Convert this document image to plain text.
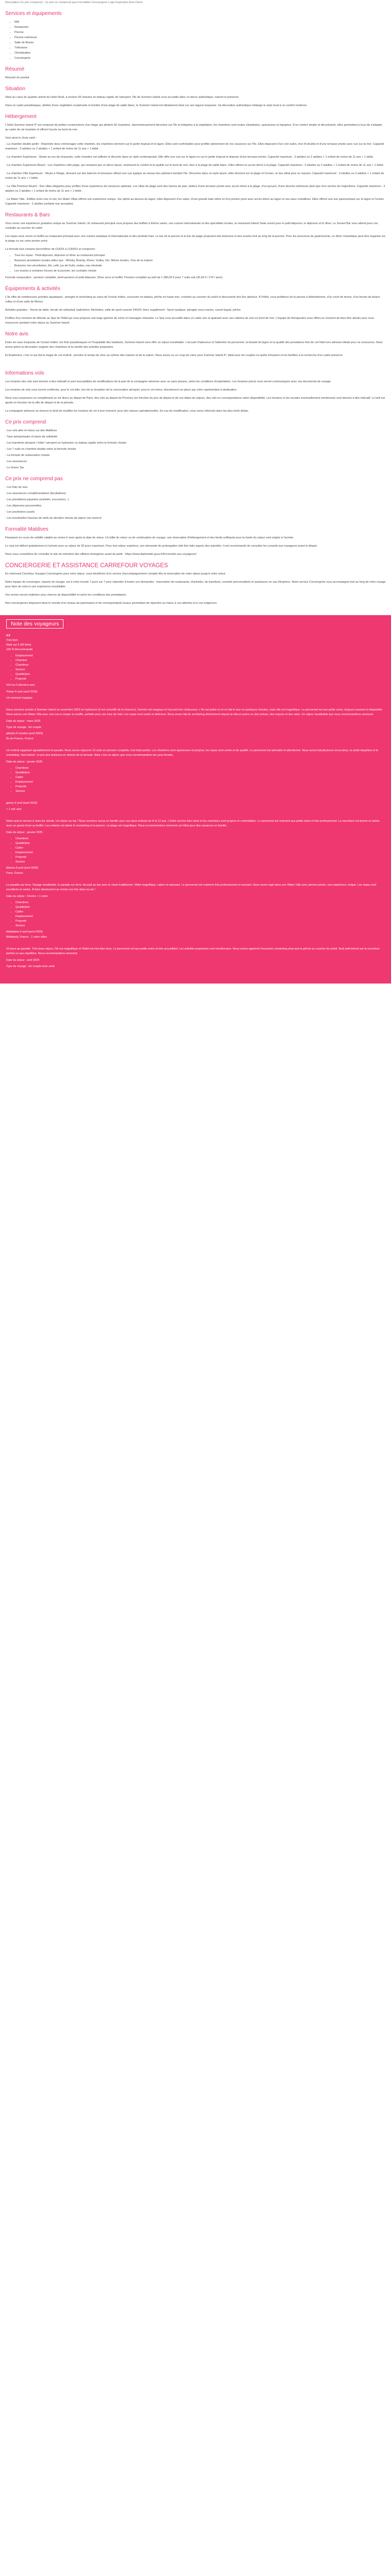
Description Ce prix comprend : Ce prix ne comprend pas Formalités Conciergerie Loge Inspiration Avis Client

Services et équipements
• Wifi
• Restaurant
• Piscine
• Piscine extérieure
• Salle de fitness
• Télévision
• Climatisation
• Conciergerie
Résumé

Résumé du produit

Situation

Situé au cœur du quartier animé de Hotel Nord, à environ 45 minutes en bateau rapide de l'aéroport, l'île de Summer Island vous accueille dans un décor authentique, naturel et préservé.

Dans un cadre paradisiaque, abritée d'une végétation exubérante et bordée d'une plage de sable blanc, le Summer Island est idéalement situé sur une lagune turquoise. Sa décoration authentique mélange le style local à un confort moderne.

Hébergement

L'hôtel Summer Island 4* est composé de petites constructions d'un étage qui abritent 92 chambres. Harmonieusement décorées sur l'île et intégrées à la végétation, les chambres sont toutes climatisées, spacieuses et équipées. D'un confort simple et décontracté, elles permettent à tous de s'adapter au cadre de vie insulaire et offrent l'accès au bord de mer.

Voici ainsi le choix varié :

- La chambre double jardin : Rejoindre deux emmenager cette chambre, les chambres donnent sur le jardin tropical et le lagon. Elles sont confortables pour profiter pleinement de vos vacances sur l'île. Elles disposent d'un coin salon, d'un lit double et d'une terrasse privée avec vue sur la mer. Capacité maximum : 3 adultes ou 2 adultes + 1 enfant de moins de 11 ans + 1 bébé.

- La chambre Supérieure : Située au rez-de-chaussée, cette chambre est raffinée et décorée dans un style contemporain. Elle offre une vue sur le lagon ou sur le jardin tropical et dispose d'une terrasse privée. Capacité maximum : 3 adultes ou 2 adultes + 1 enfant de moins de 11 ans + 1 bébé.

- La chambre Supérieure Beach : Les chambres côté plage, qui ravissent par un décor épuré, réunissent le confort et la qualité sur le bord de mer, face à la plage de sable blanc. Elles offrent un accès direct à la plage. Capacité maximum : 3 adultes ou 2 adultes + 1 enfant de moins de 11 ans + 1 bébé.

- La chambre Villa Supérieure : Situés à l'étage, donnent sur des balcons et terrasses offrant une vue typique au niveau des palmiers bordant l'île. Décorées dans un style épuré, elles donnent sur la plage et l'océan, un lieu idéal pour se reposer. Capacité maximum : 3 adultes ou 2 adultes + 1 enfant de moins de 11 ans + 1 bébé.

- La Villa Premium Beach : Des villas élégantes pour profiter d'une expérience de vacances optimale. Les villas de plage sont des havres de paix, dotées d'une terrasse privée avec accès direct à la plage, d'un jacuzzi, d'une douche extérieure ainsi que d'un service de majordome. Capacité maximum : 3 adultes ou 2 adultes + 1 enfant de moins de 11 ans + 1 bébé.

- La Water Villa : Édifiée entre mer et ciel, les Water Villas offrent une expérience unique. Sur pilotis au-dessus du lagon, elles disposent d'un salon, d'une grande baie vitrée et d'un ponton privé avec accès direct au lagon et ses eaux cristallines. Elles offrent une vue panoramique sur le lagon et l'océan. Capacité maximum : 2 adultes (enfants non acceptés).

Restaurants & Bars

Vous vivrez une expérience gustative unique au Summer Island. Un restaurant principal vous propose des buffets à thème variés, une cuisine internationale et des spécialités locales, le restaurant Island Taste ouvert pour le petit-déjeuner, le déjeuner et le dîner. Le Sunset Bar vous attend pour vos cocktails au coucher du soleil.

Les repas sous servis en buffet au restaurant principal avec une cuisine asiatique et internationale et des produits frais. Le bar de la piscine et le bar de plage proposent des boissons et des snacks tout au long de la journée. Pour les amoureux de gastronomie, un dîner romantique peut être organisé sur la plage ou sur votre ponton privé.

La formule tout compris (lunch/dîner de CHOIX à CONSO et comprend :

• Tous les repas - Petit-déjeuner, déjeuner et dîner au restaurant principal
• Boissons alcoolisées locales telles que : Whisky, Brandy, Rhum, Vodka, Gin, Bières locales, Vins de la maison
• Boissons non alcoolisées, thé, café, jus de fruits, sodas, eau minérale
• Les snacks à certaines heures de la journée, les cocktails choisis

Formule restauration : pension complète, demi-pension et petit-déjeuner. Dîner servi en buffet. Pension complète au tarif de 1 280,00 € pour 7 nuits soit (26,50 € / 27€ / pers)

Équipements & activités

L'île offre de nombreuses activités aquatiques : plongée et snorkeling au cœur de l'océan Indien, excursion en bateau, pêche en haute mer, croisière au coucher du soleil et découverte des îles alentour. À l'hôtel, vous profiterez de la piscine à débordement, d'un court de tennis, d'un terrain de beach-volley et d'une salle de fitness.

Activités gratuites : Tennis de table, terrain de volleyball, badminton, fléchettes, salle de sport ouverte 24h/24. Avec supplément : Sport nautique, plongée sous-marine, canoë-kayak, pêche.

Profitez d'un moment de détente au Spa de l'hôtel qui vous propose une large gamme de soins et massages relaxants. Le Spa vous accueille dans un cadre zen et apaisant avec ses cabines de soin en bord de mer. L'équipe de thérapeutes vous offrira un moment de bien-être absolu pour vous ressourcer pendant votre séjour au Summer Island.

Notre avis

Entre les eaux turquoise de l'océan Indien, les îlots paradisiaques et l'hospitalité des habitants, Summer Island vous offre un séjour inoubliable. L'accueil chaleureux et l'attention du personnel, la beauté du lagon et la qualité des prestations font de cet hôtel une adresse idéale pour se ressourcer. Nous avons adoré la décoration soignée des chambres et la variété des activités proposées.

Et finalement, c'est ce qui fait la magie de cet endroit : prendre le temps de vivre au rythme des marées et de la nature. Nous avons eu un coup de cœur pour Summer Island 4*, idéal pour les couples en quête d'évasion et les familles à la recherche d'un cadre préservé.

Informations vols

Les horaires des vols sont donnés à titre indicatif et sont susceptibles de modifications de la part de la compagnie aérienne avec ou sans préavis, selon les conditions d'exploitation. Les horaires précis vous seront communiqués avec vos documents de voyage.

Les horaires de vols vous seront confirmés, pour le vol aller, lors de la réception de la convocation aéroport, pour le vol retour, directement sur place par votre représentant à destination.

Nous vous proposons en complément un vol direct au départ de Paris, des vols au départ de Province (en fonction du jour de départ et de vos dates de séjour), des vols en correspondance selon disponibilité. Les horaires et les escales éventuellement mentionnés sont donnés à titre indicatif. Le tarif est ajusté en fonction de la ville de départ et de la période.

La compagnie aérienne se réserve le droit de modifier les horaires de vol à tout moment, pour des raisons opérationnelles. En cas de modification, vous serez informés dans les plus brefs délais.

Ce prix comprend

- Les vols aller et retour sur des Maldives

- Taxe aéroportuaire et taxes de solidarité

- Les transferts aéroport / hôtel / aéroport en hydravion ou bateau rapide selon la formule choisie

- Les 7 nuits en chambre double selon la formule choisie

- La formule de restauration choisie

- Les assurances

- Le Green Tax

Ce prix ne comprend pas

- Les frais de visa

- Les assurances complémentaires (facultatives)

- Les prestations payantes (activités, excursions...)

- Les dépenses personnelles

- Les pourboires usuels

- Les éventuelles hausses de tarifs de dernière minute de séjour non réservé

Formalité Maldives

Passeport en cours de validité valable au moins 6 mois après la date de retour. Un billet de retour ou de continuation de voyage, une réservation d'hébergement et des fonds suffisants pour la durée du séjour sont exigés à l'arrivée.

Le visa est délivré gratuitement à l'arrivée pour un séjour de 30 jours maximum. Pour tout séjour supérieur, une demande de prolongation doit être faite auprès des autorités. Il est recommandé de consulter les conseils aux voyageurs avant le départ.

Nous vous conseillons de consulter le site du ministère des affaires étrangères avant de partir : https://www.diplomatie.gouv.fr/fr/conseils-aux-voyageurs/

CONCIERGERIE ET ASSISTANCE CARREFOUR VOYAGES

En réservant Carrefour Voyages Conciergerie pour votre séjour, vous bénéficiez d'un service d'accompagnement complet dès la réservation de votre séjour jusqu'à votre retour.

Notre équipe de concierges, experts du voyage, est à votre écoute 7 jours sur 7 pour répondre à toutes vos demandes : réservation de restaurants, d'activités, de transferts, conseils personnalisés et assistance en cas d'imprévu. Notre service Conciergerie vous accompagne tout au long de votre voyage pour faire de celui-ci une expérience inoubliable.

Vos envies seront réalisées sous réserve de disponibilité et selon les conditions des prestataires.

Nos conciergeries disposent dans le monde d'un réseau de partenaires et de correspondants locaux permettant de répondre au mieux à vos attentes et à vos exigences.

Note des voyageurs

4.6

Très bien

Noté sur 5 (56 Avis)

100 % Recommandé

• Emplacement
• Chambre
• Chambres
• Service
• Qualité/prix
• Propreté

Voir les 5 derniers avis

Yohan 4 avril (avril 2025)

Un moment magique

Nous sommes arrivés à Summer Island en novembre 2023 en hydravion (il est conseillé de le réserver), l'arrivée est magique et l'accueil très chaleureux. L'île est petite et on en fait le tour en quelques minutes, mais elle est magnifique. Le personnel est aux petits soins, toujours souriant et disponible. Nous avions une Water Villa avec une vue à couper le souffle, parfaite pour une lune de miel. Les repas sont variés et délicieux. Nous avons fait du snorkeling directement depuis la villa et avons vu des tortues, des requins et des raies. Un séjour inoubliable que nous recommandons vivement.

Date du séjour : mars 2025

Type de voyage : En couple

pibeloo 8 octobre (avril 2025)

Île-de-France, France

Un endroit rappelant agréablement le paradis. Nous avons séjourné 10 nuits en pension complète, tout était parfait. Les chambres sont spacieuses et propres, les repas sont variés et de qualité. Le personnel est adorable et attentionné. Nous avons fait plusieurs excursions, la sortie dauphins et le snorkeling. Seul bémol : le prix des boissons en dehors de la formule. Mais c'est un séjour que nous recommandons les yeux fermés.

Date du séjour : janvier 2025

• Chambres
• Qualité/prix
• Cadre
• Emplacement
• Propreté
• Service

genny 6 avril (avril 2025)

+ 1 voir avis

Notre avis le service à ravis les clients. Un séjour au top ! Nous sommes venus en famille avec nos deux enfants de 8 et 12 ans. L'hôtel est très bien situé et les chambres sont propres et confortables. Le personnel est vraiment aux petits soins et très professionnel. La nourriture est bonne et variée, avec un grand choix au buffet. Les enfants ont adoré le snorkeling et la piscine. La plage est magnifique. Nous recommandons vivement cet hôtel pour des vacances en famille.

Date du séjour : janvier 2025

• Chambres
• Qualité/prix
• Cadre
• Emplacement
• Propreté
• Service

Marina 8 avril (avril 2025)

Paris, France

Le paradis sur terre. Voyage inoubliable, le paradis sur terre. Accueil au top avec le chant traditionnel. Hôtel magnifique, calme et reposant. Le personnel est vraiment très professionnel et souriant. Nous avons logé dans une Water Villa avec piscine privée, une expérience unique. Les repas sont excellents et variés. À faire absolument au moins une fois dans sa vie !

Date du séjour : Février + 1 votre

• Chambres
• Qualité/prix
• Cadre
• Emplacement
• Propreté
• Service

Madeleine 6 avril (avril 2025)

Maltépoly, France · 1 votre villes

10 jours au paradis. Très beau séjour, l'île est magnifique et l'hôtel est très bien tenu. Le personnel est aux petits soins et très accueillant. Les activités proposées sont nombreuses. Nous avons apprécié l'excursion snorkeling ainsi que la pêche au coucher du soleil. Seul petit bémol sur la nourriture parfois un peu répétitive. Nous recommandons vivement.

Date du séjour : avril 2024

Type de voyage : En couple avec amis
